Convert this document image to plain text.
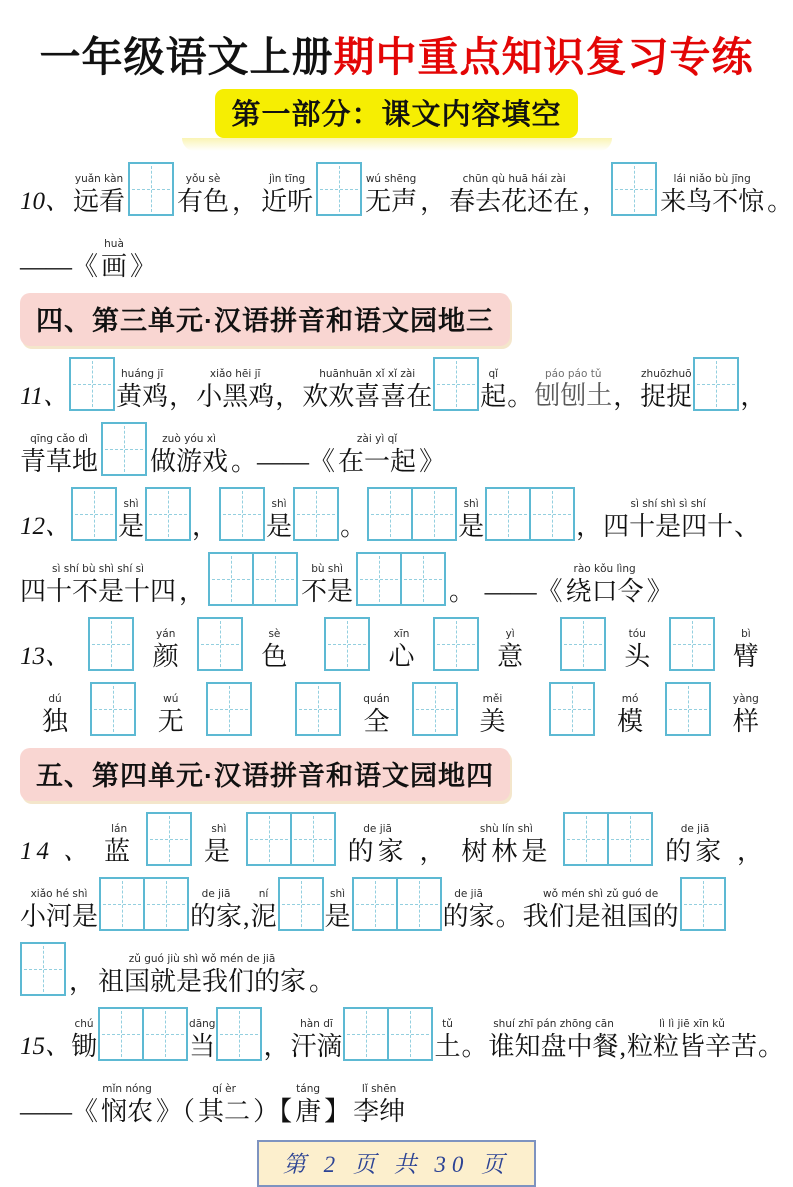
一年级语文上册期中重点知识复习专练
第一部分：课文内容填空

10、
yuǎn kàn
远看
yǒu sè
有色
，
jìn tīng
近听
wú shēng
无声
，
chūn qù huā hái zài
春去花还在
，
lái niǎo bù jīng
来鸟不惊
。

——《
huà
画
》
四、第三单元·汉语拼音和语文园地三

11、
huáng jī
黄鸡
，
xiǎo hēi jī
小黑鸡
，
huānhuān xǐ xǐ zài
欢欢喜喜在
qǐ
起
。
páo páo tǔ
刨刨土
，
zhuōzhuō
捉捉
，
qīng cǎo dì
青草地
zuò yóu xì
做游戏
。——《
zài yì qǐ
在一起
》

12、
shì
是
，
shì
是
。
shì
是
	，
sì shí shì sì shí
四十是四十
、
sì shí bù shì shí sì
四十不是十四
，
bù shì
不是
	。
——《
rào kǒu lìng
绕口令
》

13、
yán
颜
sè
色
xīn
心
yì
意
tóu
头
bì
臂
dú
独
wú
无
quán
全
měi
美
mó
模
yàng
样
五、第四单元·汉语拼音和语文园地四

14 、
lán
蓝
shì
是
de jiā
的家
，
shù lín shì
树林是
de jiā
的家
，
xiǎo hé shì
小河是
de jiā
的家
,
ní
泥
shì
是
de jiā
的家
。
wǒ mén shì zǔ guó de
我们是祖国的

，
zǔ guó jiù shì wǒ mén de jiā
祖国就是我们的家
。

15、
chú
锄
dāng
当
，
hàn dī
汗滴
tǔ
土
。
shuí zhī pán zhōng cān
谁知盘中餐
,
lì lì jiē xīn kǔ
粒粒皆辛苦
。

——《
mǐn nóng
悯农
》（
qí èr
其二
）【
táng
唐
】
lǐ shēn
李绅
第 2 页 共 30 页
